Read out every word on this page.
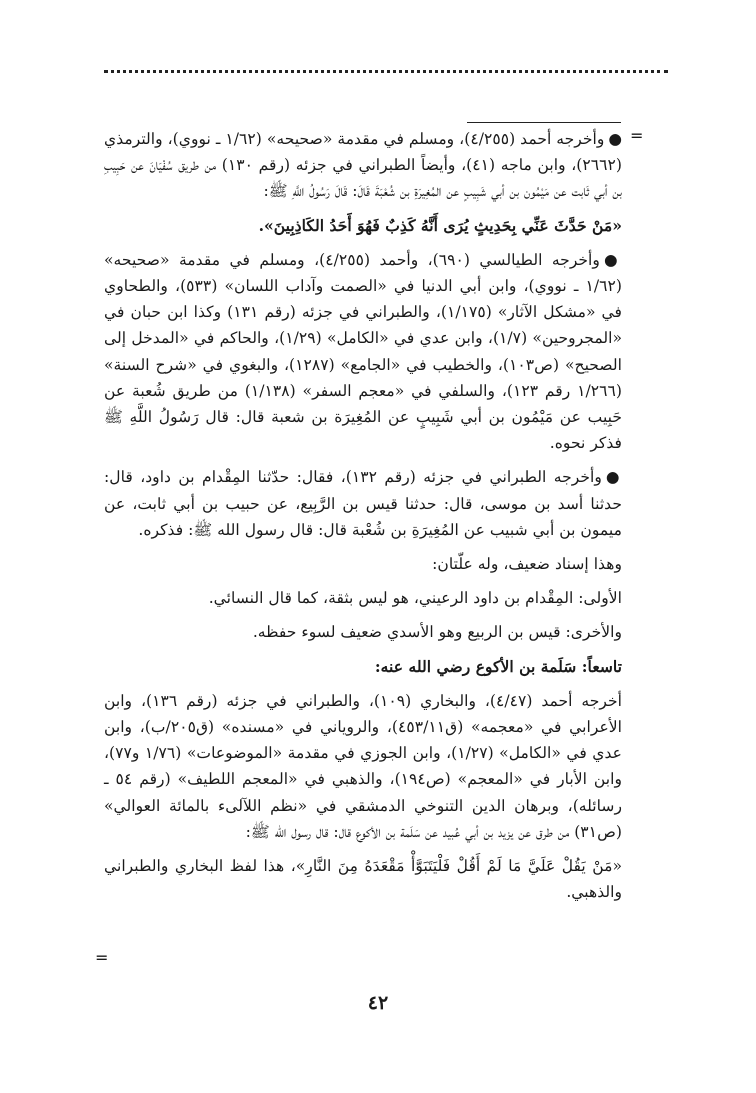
=
=

●وأخرجه أحمد (٤/٢٥٥)، ومسلم في مقدمة «صحيحه» (١/٦٢ ـ نووي)، والترمذي (٢٦٦٢)، وابن ماجه (٤١)، وأيضاً الطبراني في جزئه (رقم ١٣٠) من طريق سُفْيَانَ عن حَبِيبِ بن أبي ثَابت عن مَيْمُون بن أبي شَبِيبٍ عن المُغِيرَةِ بن شُعْبَةَ قَالَ: قَالَ رَسُولُ اللَّهِ ﷺ:

«مَنْ حَدَّثَ عَنِّي بِحَدِيثٍ يُرَى أَنَّهُ كَذِبٌ فَهُوَ أَحَدُ الكَاذِبِينَ».

●وأخرجه الطيالسي (٦٩٠)، وأحمد (٤/٢٥٥)، ومسلم في مقدمة «صحيحه» (١/٦٢ ـ نووي)، وابن أبي الدنيا في «الصمت وآداب اللسان» (٥٣٣)، والطحاوي في «مشكل الآثار» (١/١٧٥)، والطبراني في جزئه (رقم ١٣١) وكذا ابن حبان في «المجروحين» (١/٧)، وابن عدي في «الكامل» (١/٢٩)، والحاكم في «المدخل إلى الصحيح» (ص١٠٣)، والخطيب في «الجامع» (١٢٨٧)، والبغوي في «شرح السنة» (١/٢٦٦ رقم ١٢٣)، والسلفي في «معجم السفر» (١/١٣٨) من طريق شُعبة عن حَبِيب عن مَيْمُون بن أبي شَبِيبٍ عن المُغِيرَة بن شعبة قال: قال رَسُولُ اللَّهِ ﷺ فذكر نحوه.

●وأخرجه الطبراني في جزئه (رقم ١٣٢)، فقال: حدّثنا المِقْدام بن داود، قال: حدثنا أسد بن موسى، قال: حدثنا قيس بن الرَّبِيع، عن حبيب بن أبي ثابت، عن ميمون بن أبي شبيب عن المُغِيرَةِ بن شُعْبة قال: قال رسول الله ﷺ: فذكره.

وهذا إسناد ضعيف، وله علّتان:

الأولى: المِقْدام بن داود الرعيني، هو ليس بثقة، كما قال النسائي.

والأخرى: قيس بن الربيع وهو الأسدي ضعيف لسوء حفظه.

تاسعاً: سَلَمة بن الأكوع رضي الله عنه:

أخرجه أحمد (٤/٤٧)، والبخاري (١٠٩)، والطبراني في جزئه (رقم ١٣٦)، وابن الأعرابي في «معجمه» (ق٤٥٣/١١)، والروياني في «مسنده» (ق٢٠٥/ب)، وابن عدي في «الكامل» (١/٢٧)، وابن الجوزي في مقدمة «الموضوعات» (١/٧٦ و٧٧)، وابن الأبار في «المعجم» (ص١٩٤)، والذهبي في «المعجم اللطيف» (رقم ٥٤ ـ رسائله)، وبرهان الدين التنوخي الدمشقي في «نظم اللآلىء بالمائة العوالي» (ص٣١) من طرق عن يزيد بن أبي عُبيد عن سَلَمة بن الأكوع قال: قال رسول الله ﷺ:

«مَنْ يَقُلْ عَلَيَّ مَا لَمْ أَقُلْ فَلْيَتَبَوَّأْ مَقْعَدَهُ مِنَ النَّارِ»، هذا لفظ البخاري والطبراني والذهبي.

٤٢
